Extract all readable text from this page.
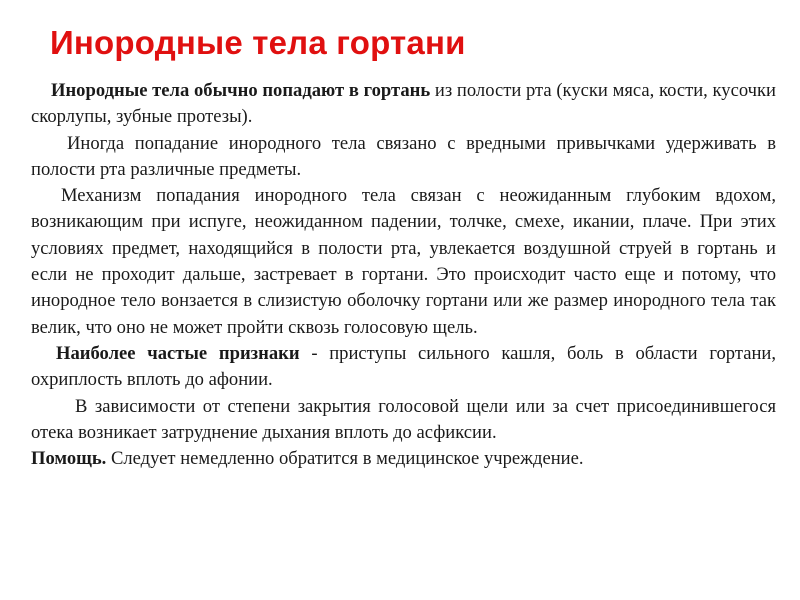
Инородные тела гортани

Инородные тела обычно попадают в гортань из полости рта (куски мяса, кости, кусочки скорлупы, зубные протезы).

Иногда попадание инородного тела связано с вредными привычками удерживать в полости рта различные предметы.

Механизм попадания инородного тела связан с неожиданным глубоким вдохом, возникающим при испуге, неожиданном падении, толчке, смехе, икании, плаче. При этих условиях предмет, находящийся в полости рта, увлекается воздушной струей в гортань и если не проходит дальше, застревает в гортани. Это происходит часто еще и потому, что инородное тело вонзается в слизистую оболочку гортани или же размер инородного тела так велик, что оно не может пройти сквозь голосовую щель.

Наиболее частые признаки - приступы сильного кашля, боль в области гортани, охриплость вплоть до афонии.

В зависимости от степени закрытия голосовой щели или за счет присоединившегося отека возникает затруднение дыхания вплоть до асфиксии.

Помощь. Следует немедленно обратится в медицинское учреждение.
